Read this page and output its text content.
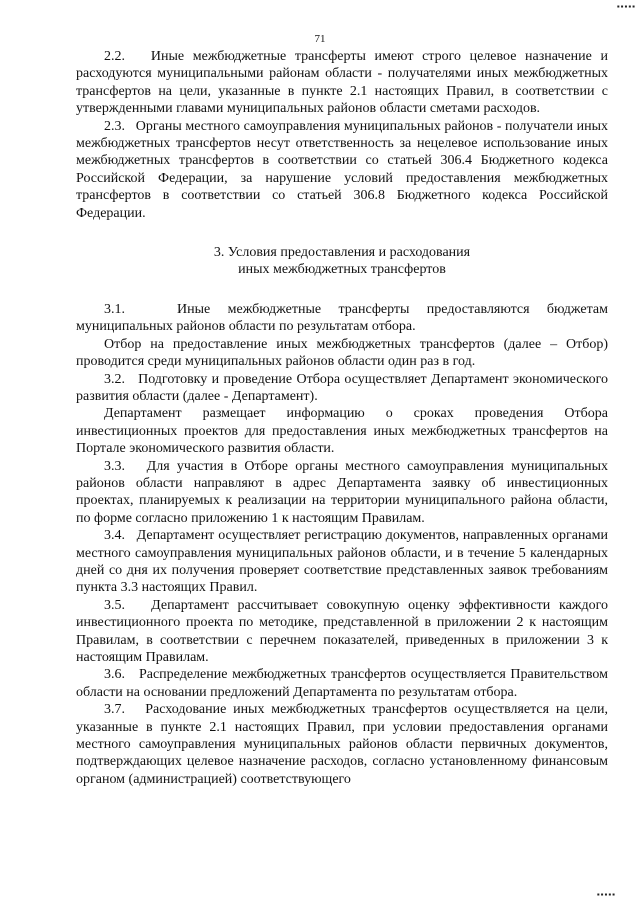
▪▪▪▪▪
71

2.2.   Иные межбюджетные трансферты имеют строго целевое назначение и расходуются муниципальными районам области - получателями иных межбюджетных трансфертов на цели, указанные в пункте 2.1 настоящих Правил, в соответствии с утвержденными главами муниципальных районов области сметами расходов.

2.3.   Органы местного самоуправления муниципальных районов - получатели иных межбюджетных трансфертов несут ответственность за нецелевое использование иных межбюджетных трансфертов в соответствии со статьей 306.4 Бюджетного кодекса Российской Федерации, за нарушение условий предоставления межбюджетных трансфертов в соответствии со статьей 306.8 Бюджетного кодекса Российской Федерации.

3. Условия предоставления и расходования
иных межбюджетных трансфертов

3.1.   Иные межбюджетные трансферты предоставляются бюджетам муниципальных районов области по результатам отбора.

Отбор на предоставление иных межбюджетных трансфертов (далее – Отбор) проводится среди муниципальных районов области один раз в год.

3.2.   Подготовку и проведение Отбора осуществляет Департамент экономического развития области (далее - Департамент).

Департамент размещает информацию о сроках проведения Отбора инвестиционных проектов для предоставления иных межбюджетных трансфертов на Портале экономического развития области.

3.3.   Для участия в Отборе органы местного самоуправления муниципальных районов области направляют в адрес Департамента заявку об инвестиционных проектах, планируемых к реализации на территории муниципального района области, по форме согласно приложению 1 к настоящим Правилам.

3.4.   Департамент осуществляет регистрацию документов, направленных органами местного самоуправления муниципальных районов области, и в течение 5 календарных дней со дня их получения проверяет соответствие представленных заявок требованиям пункта 3.3 настоящих Правил.

3.5.   Департамент рассчитывает совокупную оценку эффективности каждого инвестиционного проекта по методике, представленной в приложении 2 к настоящим Правилам, в соответствии с перечнем показателей, приведенных в приложении 3 к настоящим Правилам.

3.6.   Распределение межбюджетных трансфертов осуществляется Правительством области на основании предложений Департамента по результатам отбора.

3.7.   Расходование иных межбюджетных трансфертов осуществляется на цели, указанные в пункте 2.1 настоящих Правил, при условии предоставления органами местного самоуправления муниципальных районов области первичных документов, подтверждающих целевое назначение расходов, согласно установленному финансовым органом (администрацией) соответствующего

▪▪▪▪▪
